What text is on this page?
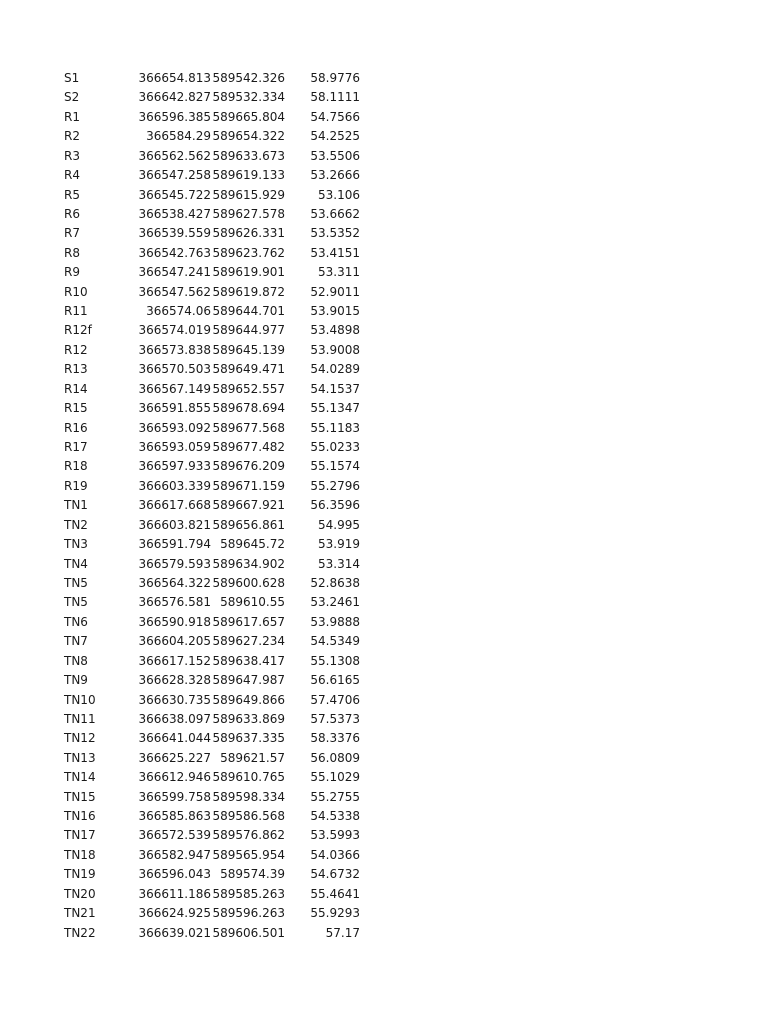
S1	366654.813 589542.326 58.9776
S2	366642.827 589532.334 58.1111
R1	366596.385 589665.804 54.7566
R2	366584.29 589654.322 54.2525
R3	366562.562 589633.673 53.5506
R4	366547.258 589619.133 53.2666
R5	366545.722 589615.929	53.106
R6	366538.427 589627.578 53.6662
R7	366539.559 589626.331 53.5352
R8	366542.763 589623.762 53.4151
R9	366547.241 589619.901	53.311
R10	366547.562 589619.872 52.9011
R11	366574.06 589644.701 53.9015
R12f	366574.019 589644.977 53.4898
R12	366573.838 589645.139 53.9008
R13	366570.503 589649.471 54.0289
R14	366567.149 589652.557 54.1537
R15	366591.855 589678.694 55.1347
R16	366593.092 589677.568 55.1183
R17	366593.059 589677.482 55.0233
R18	366597.933 589676.209 55.1574
R19	366603.339 589671.159 55.2796
TN1	366617.668 589667.921 56.3596
TN2	366603.821 589656.861	54.995
TN3	366591.794 589645.72	53.919
TN4	366579.593 589634.902	53.314
TN5	366564.322 589600.628 52.8638
TN5	366576.581 589610.55 53.2461
TN6	366590.918 589617.657 53.9888
TN7	366604.205 589627.234 54.5349
TN8	366617.152 589638.417 55.1308
TN9	366628.328 589647.987 56.6165
TN10	366630.735 589649.866 57.4706
TN11	366638.097 589633.869 57.5373
TN12	366641.044 589637.335 58.3376
TN13	366625.227 589621.57 56.0809
TN14	366612.946 589610.765 55.1029
TN15	366599.758 589598.334 55.2755
TN16	366585.863 589586.568 54.5338
TN17	366572.539 589576.862 53.5993
TN18	366582.947 589565.954 54.0366
TN19	366596.043 589574.39 54.6732
TN20	366611.186 589585.263 55.4641
TN21	366624.925 589596.263 55.9293
TN22	366639.021 589606.501	57.17
